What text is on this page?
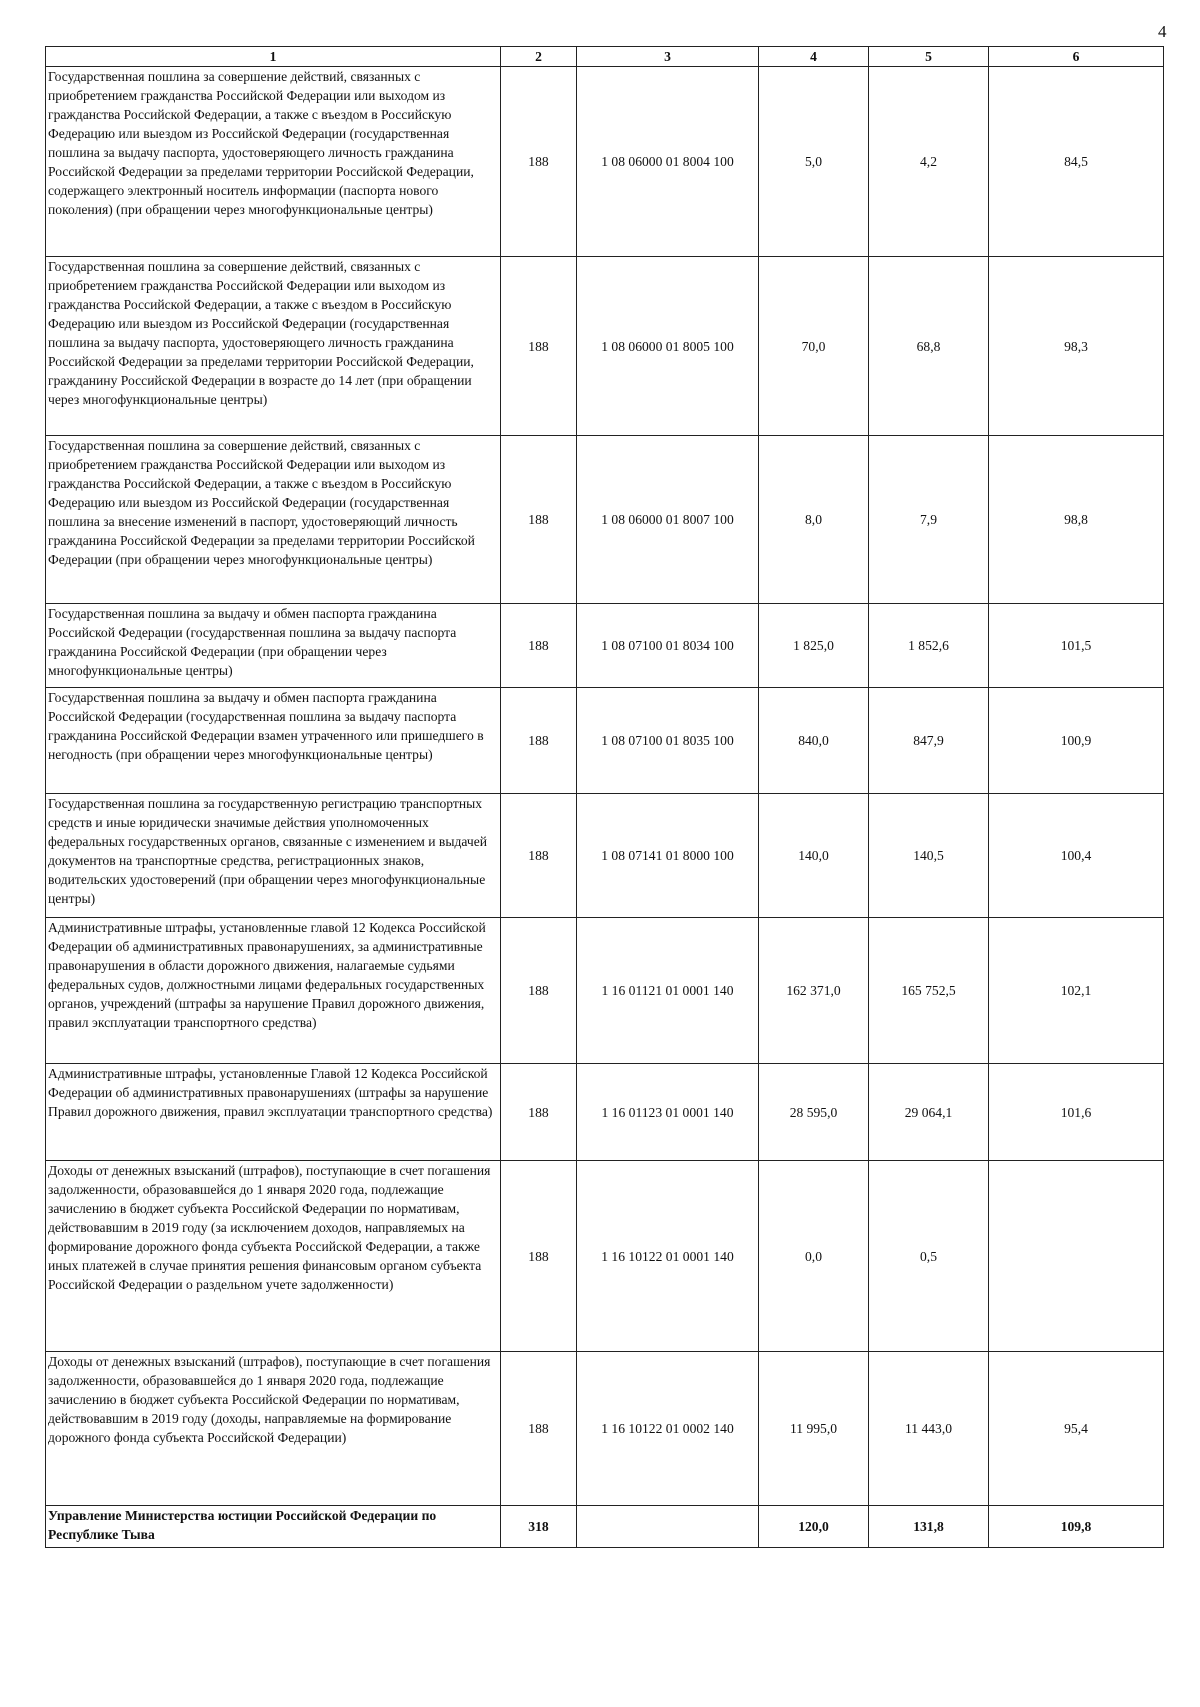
4
1	2	3	4	5	6
Государственная пошлина за совершение действий, связанных с приобретением гражданства Российской Федерации или выходом из гражданства Российской Федерации, а также с въездом в Российскую Федерацию или выездом из Российской Федерации (государственная пошлина за выдачу паспорта, удостоверяющего личность гражданина Российской Федерации за пределами территории Российской Федерации, содержащего электронный носитель информации (паспорта нового поколения) (при обращении через многофункциональные центры)	188	1 08 06000 01 8004 100	5,0	4,2	84,5
Государственная пошлина за совершение действий, связанных с приобретением гражданства Российской Федерации или выходом из гражданства Российской Федерации, а также с въездом в Российскую Федерацию или выездом из Российской Федерации (государственная пошлина за выдачу паспорта, удостоверяющего личность гражданина Российской Федерации за пределами территории Российской Федерации, гражданину Российской Федерации в возрасте до 14 лет (при обращении через многофункциональные центры)	188	1 08 06000 01 8005 100	70,0	68,8	98,3
Государственная пошлина за совершение действий, связанных с приобретением гражданства Российской Федерации или выходом из гражданства Российской Федерации, а также с въездом в Российскую Федерацию или выездом из Российской Федерации (государственная пошлина за внесение изменений в паспорт, удостоверяющий личность гражданина Российской Федерации за пределами территории Российской Федерации (при обращении через многофункциональные центры)	188	1 08 06000 01 8007 100	8,0	7,9	98,8
Государственная пошлина за выдачу и обмен паспорта гражданина Российской Федерации (государственная пошлина за выдачу паспорта гражданина Российской Федерации (при обращении через многофункциональные центры)	188	1 08 07100 01 8034 100	1 825,0	1 852,6	101,5
Государственная пошлина за выдачу и обмен паспорта гражданина Российской Федерации (государственная пошлина за выдачу паспорта гражданина Российской Федерации взамен утраченного или пришедшего в негодность (при обращении через многофункциональные центры)	188	1 08 07100 01 8035 100	840,0	847,9	100,9
Государственная пошлина за государственную регистрацию транспортных средств и иные юридически значимые действия уполномоченных федеральных государственных органов, связанные с изменением и выдачей документов на транспортные средства, регистрационных знаков, водительских удостоверений (при обращении через многофункциональные центры)	188	1 08 07141 01 8000 100	140,0	140,5	100,4
Административные штрафы, установленные главой 12 Кодекса Российской Федерации об административных правонарушениях, за административные правонарушения в области дорожного движения, налагаемые судьями федеральных судов, должностными лицами федеральных государственных органов, учреждений (штрафы за нарушение Правил дорожного движения, правил эксплуатации транспортного средства)	188	1 16 01121 01 0001 140	162 371,0	165 752,5	102,1
Административные штрафы, установленные Главой 12 Кодекса Российской Федерации об административных правонарушениях (штрафы за нарушение Правил дорожного движения, правил эксплуатации транспортного средства)	188	1 16 01123 01 0001 140	28 595,0	29 064,1	101,6
Доходы от денежных взысканий (штрафов), поступающие в счет погашения задолженности, образовавшейся до 1 января 2020 года, подлежащие зачислению в бюджет субъекта Российской Федерации по нормативам, действовавшим в 2019 году (за исключением доходов, направляемых на формирование дорожного фонда субъекта Российской Федерации, а также иных платежей в случае принятия решения финансовым органом субъекта Российской Федерации о раздельном учете задолженности)	188	1 16 10122 01 0001 140	0,0	0,5	
Доходы от денежных взысканий (штрафов), поступающие в счет погашения задолженности, образовавшейся до 1 января 2020 года, подлежащие зачислению в бюджет субъекта Российской Федерации по нормативам, действовавшим в 2019 году (доходы, направляемые на формирование дорожного фонда субъекта Российской Федерации)	188	1 16 10122 01 0002 140	11 995,0	11 443,0	95,4
Управление Министерства юстиции Российской Федерации по Республике Тыва	318		120,0	131,8	109,8
